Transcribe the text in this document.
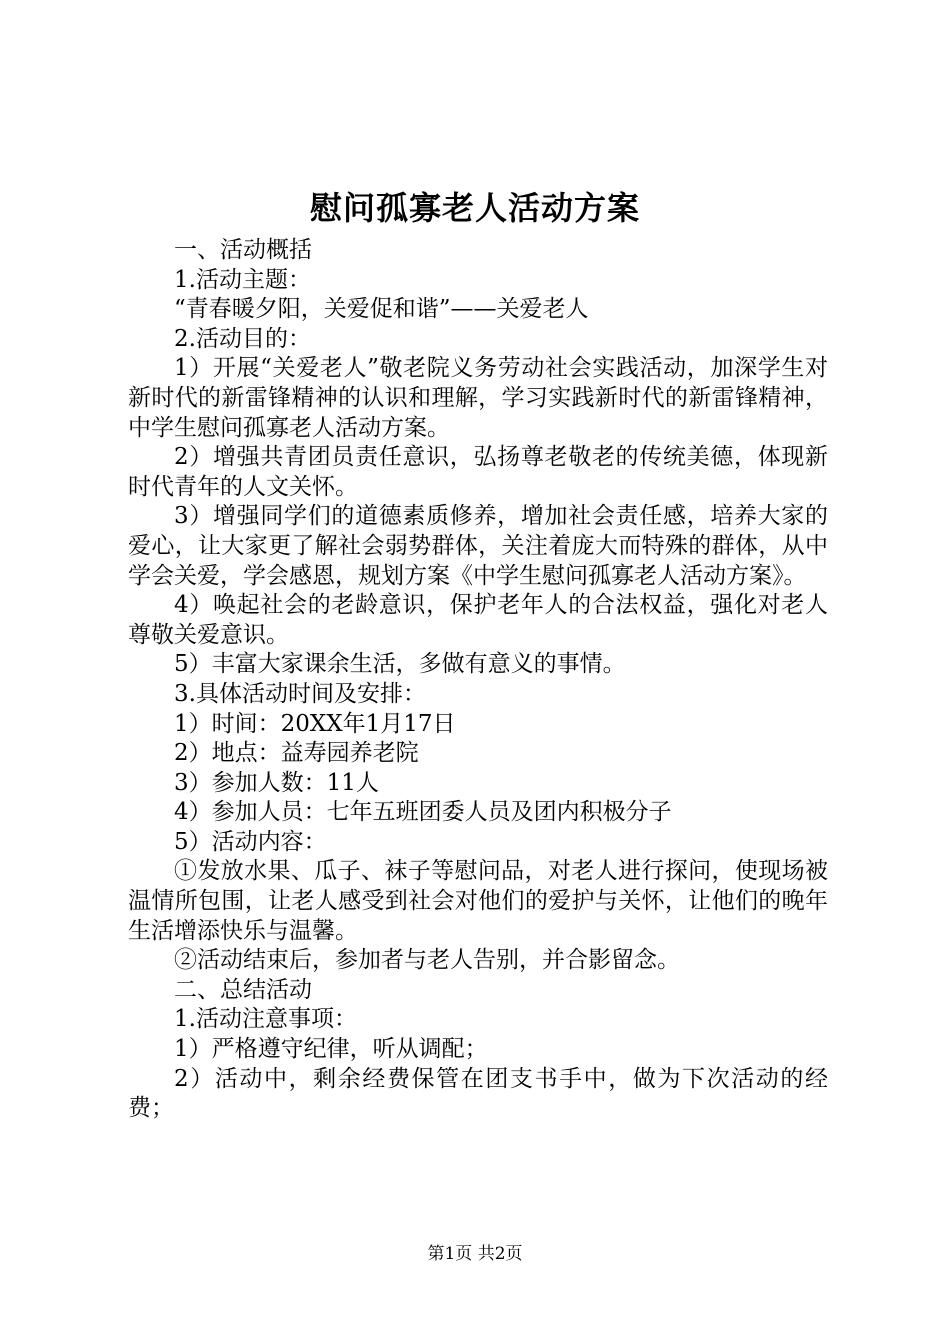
慰问孤寡老人活动方案

一、活动概括

1.活动主题：

“青春暖夕阳，关爱促和谐”——关爱老人

2.活动目的：

1）开展“关爱老人”敬老院义务劳动社会实践活动，加深学生对新时代的新雷锋精神的认识和理解，学习实践新时代的新雷锋精神，中学生慰问孤寡老人活动方案。

2）增强共青团员责任意识，弘扬尊老敬老的传统美德，体现新时代青年的人文关怀。

3）增强同学们的道德素质修养，增加社会责任感，培养大家的爱心，让大家更了解社会弱势群体，关注着庞大而特殊的群体，从中学会关爱，学会感恩，规划方案《中学生慰问孤寡老人活动方案》。

4）唤起社会的老龄意识，保护老年人的合法权益，强化对老人尊敬关爱意识。

5）丰富大家课余生活，多做有意义的事情。

3.具体活动时间及安排：

1）时间：20XX年1月17日

2）地点：益寿园养老院

3）参加人数：11人

4）参加人员：七年五班团委人员及团内积极分子

5）活动内容：

①发放水果、瓜子、袜子等慰问品，对老人进行探问，使现场被温情所包围，让老人感受到社会对他们的爱护与关怀，让他们的晚年生活增添快乐与温馨。

②活动结束后，参加者与老人告别，并合影留念。

二、总结活动

1.活动注意事项：

1）严格遵守纪律，听从调配；

2）活动中，剩余经费保管在团支书手中，做为下次活动的经费；

第1页 共2页
